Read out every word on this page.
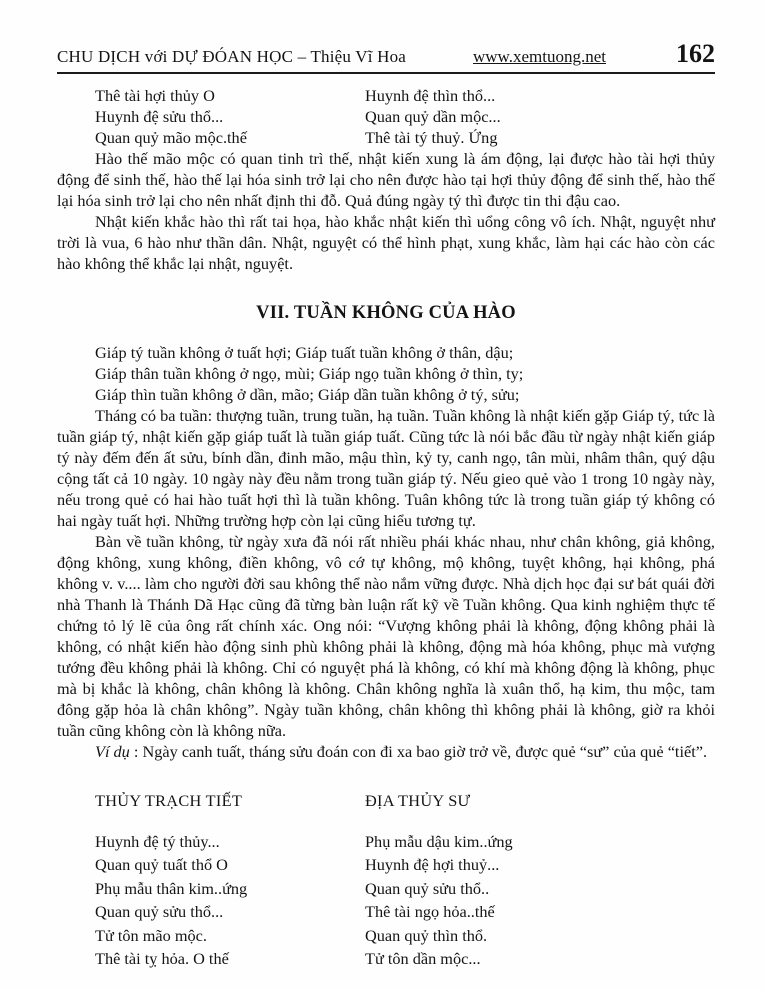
CHU DỊCH với DỰ ĐÓAN HỌC – Thiệu Vĩ Hoa	www.xemtuong.net	162
Thê tài hợi thủy O
Huynh đệ sửu thổ...
Quan quỷ mão mộc.thế
Huynh đệ thìn thổ...
Quan quỷ dần mộc...
Thê tài tý thuỷ. Ứng

Hào thế mão mộc có quan tinh trì thế, nhật kiến xung là ám động, lại được hào tài hợi thủy động để sinh thế, hào thế lại hóa sinh trở lại cho nên được hào tại hợi thủy động để sinh thế, hào thế lại hóa sinh trở lại cho nên nhất định thi đỗ. Quả đúng ngày tý thì được tin thi đậu cao.

Nhật kiến khắc hào thì rất tai họa, hào khắc nhật kiến thì uổng công vô ích. Nhật, nguyệt như trời là vua, 6 hào như thần dân. Nhật, nguyệt có thể hình phạt, xung khắc, làm hại các hào còn các hào không thể khắc lại nhật, nguyệt.

VII. TUẦN KHÔNG CỦA HÀO
Giáp tý tuần không ở tuất hợi; Giáp tuất tuần không ở thân, dậu;
Giáp thân tuần không ở ngọ, mùi; Giáp ngọ tuần không ở thìn, ty;
Giáp thìn tuần không ở dần, mão; Giáp dần tuần không ở tý, sửu;

Tháng có ba tuần: thượng tuần, trung tuần, hạ tuần. Tuần không là nhật kiến gặp Giáp tý, tức là tuần giáp tý, nhật kiến gặp giáp tuất là tuần giáp tuất. Cũng tức là nói bắc đầu từ ngày nhật kiến giáp tý này đếm đến ất sửu, bính dần, đinh mão, mậu thìn, kỷ ty, canh ngọ, tân mùi, nhâm thân, quý dậu cộng tất cả 10 ngày. 10 ngày này đều nằm trong tuần giáp tý. Nếu gieo quẻ vào 1 trong 10 ngày này, nếu trong quẻ có hai hào tuất hợi thì là tuần không. Tuân không tức là trong tuần giáp tý không có hai ngày tuất hợi. Những trường hợp còn lại cũng hiểu tương tự.

Bàn về tuần không, từ ngày xưa đã nói rất nhiều phái khác nhau, như chân không, giả không, động không, xung không, điền không, vô cớ tự không, mộ không, tuyệt không, hại không, phá không v. v.... làm cho người đời sau không thể nào nắm vững được. Nhà dịch học đại sư bát quái đời nhà Thanh là Thánh Dã Hạc cũng đã từng bàn luận rất kỹ về Tuần không. Qua kinh nghiệm thực tế chứng tỏ lý lẽ của ông rất chính xác. Ong nói: “Vượng không phải là không, động không phải là không, có nhật kiến hào động sinh phù không phải là không, động mà hóa không, phục mà vượng tướng đều không phải là không. Chỉ có nguyệt phá là không, có khí mà không động là không, phục mà bị khắc là không, chân không là không. Chân không nghĩa là xuân thổ, hạ kim, thu mộc, tam đông gặp hỏa là chân không”. Ngày tuần không, chân không thì không phải là không, giờ ra khỏi tuần cũng không còn là không nữa.

Ví dụ : Ngày canh tuất, tháng sửu đoán con đi xa bao giờ trở về, được quẻ “sư” của quẻ “tiết”.

THỦY TRẠCH TIẾT
Huynh đệ tý thủy...
Quan quỷ tuất thổ O
Phụ mẫu thân kim..ứng
Quan quỷ sửu thổ...
Tử tôn mão mộc.
Thê tài tỵ hỏa. O thế
ĐỊA THỦY SƯ
Phụ mẫu dậu kim..ứng
Huynh đệ hợi thuỷ...
Quan quỷ sửu thổ..
Thê tài ngọ hỏa..thế
Quan quỷ thìn thổ.
Tử tôn dần mộc...
